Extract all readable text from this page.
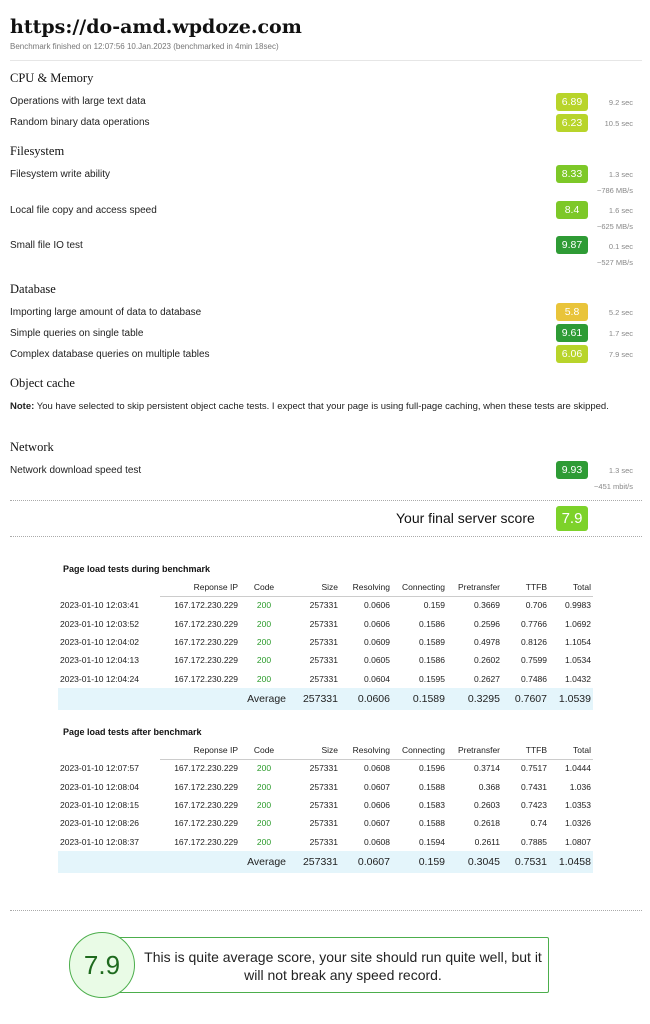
https://do-amd.wpdoze.com
Benchmark finished on 12:07:56 10.Jan.2023 (benchmarked in 4min 18sec)
CPU & Memory
Operations with large text data	6.89	9.2 sec
Random binary data operations	6.23	10.5 sec
Filesystem
Filesystem write ability	8.33	1.3 sec
~786 MB/s
Local file copy and access speed	8.4	1.6 sec
~625 MB/s
Small file IO test	9.87	0.1 sec
~527 MB/s
Database
Importing large amount of data to database	5.8	5.2 sec
Simple queries on single table	9.61	1.7 sec
Complex database queries on multiple tables	6.06	7.9 sec
Object cache
Note: You have selected to skip persistent object cache tests. I expect that your page is using full-page caching, when these tests are skipped.
Network
Network download speed test	9.93	1.3 sec
~451 mbit/s
Your final server score	7.9
Page load tests during benchmark
	Reponse IP	Code	Size	Resolving	Connecting	Pretransfer	TTFB	Total
2023-01-10 12:03:41	167.172.230.229	200	257331	0.0606	0.159	0.3669	0.706	0.9983
2023-01-10 12:03:52	167.172.230.229	200	257331	0.0606	0.1586	0.2596	0.7766	1.0692
2023-01-10 12:04:02	167.172.230.229	200	257331	0.0609	0.1589	0.4978	0.8126	1.1054
2023-01-10 12:04:13	167.172.230.229	200	257331	0.0605	0.1586	0.2602	0.7599	1.0534
2023-01-10 12:04:24	167.172.230.229	200	257331	0.0604	0.1595	0.2627	0.7486	1.0432
		Average	257331	0.0606	0.1589	0.3295	0.7607	1.0539
Page load tests after benchmark
	Reponse IP	Code	Size	Resolving	Connecting	Pretransfer	TTFB	Total
2023-01-10 12:07:57	167.172.230.229	200	257331	0.0608	0.1596	0.3714	0.7517	1.0444
2023-01-10 12:08:04	167.172.230.229	200	257331	0.0607	0.1588	0.368	0.7431	1.036
2023-01-10 12:08:15	167.172.230.229	200	257331	0.0606	0.1583	0.2603	0.7423	1.0353
2023-01-10 12:08:26	167.172.230.229	200	257331	0.0607	0.1588	0.2618	0.74	1.0326
2023-01-10 12:08:37	167.172.230.229	200	257331	0.0608	0.1594	0.2611	0.7885	1.0807
		Average	257331	0.0607	0.159	0.3045	0.7531	1.0458
This is quite average score, your site should run quite well, but it will not break any speed record.
7.9
